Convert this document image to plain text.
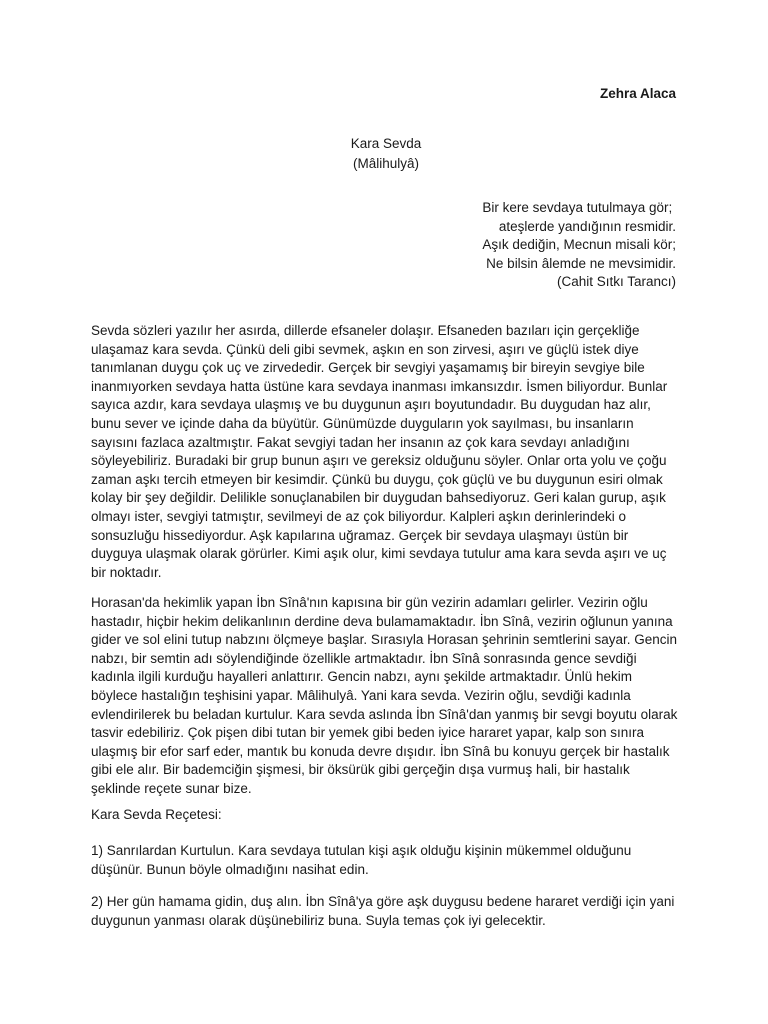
Zehra Alaca
Kara Sevda
(Mâlihulyâ)
Bir kere sevdaya tutulmaya gör;
ateşlerde yandığının resmidir.
Aşık dediğin, Mecnun misali kör;
Ne bilsin âlemde ne mevsimidir.
(Cahit Sıtkı Tarancı)

Sevda sözleri yazılır her asırda, dillerde efsaneler dolaşır. Efsaneden bazıları için gerçekliğe ulaşamaz kara sevda. Çünkü deli gibi sevmek, aşkın en son zirvesi, aşırı ve güçlü istek diye tanımlanan duygu çok uç ve zirvededir. Gerçek bir sevgiyi yaşamamış bir bireyin sevgiye bile inanmıyorken sevdaya hatta üstüne kara sevdaya inanması imkansızdır. İsmen biliyordur. Bunlar sayıca azdır, kara sevdaya ulaşmış ve bu duygunun aşırı boyutundadır. Bu duygudan haz alır, bunu sever ve içinde daha da büyütür. Günümüzde duyguların yok sayılması, bu insanların sayısını fazlaca azaltmıştır. Fakat sevgiyi tadan her insanın az çok kara sevdayı anladığını söyleyebiliriz. Buradaki bir grup bunun aşırı ve gereksiz olduğunu söyler. Onlar orta yolu ve çoğu zaman aşkı tercih etmeyen bir kesimdir. Çünkü bu duygu, çok güçlü ve bu duygunun esiri olmak kolay bir şey değildir. Delilikle sonuçlanabilen bir duygudan bahsediyoruz. Geri kalan gurup, aşık olmayı ister, sevgiyi tatmıştır, sevilmeyi de az çok biliyordur. Kalpleri aşkın derinlerindeki o sonsuzluğu hissediyordur. Aşk kapılarına uğramaz. Gerçek bir sevdaya ulaşmayı üstün bir duyguya ulaşmak olarak görürler. Kimi aşık olur, kimi sevdaya tutulur ama kara sevda aşırı ve uç bir noktadır.

Horasan'da hekimlik yapan İbn Sînâ'nın kapısına bir gün vezirin adamları gelirler. Vezirin oğlu hastadır, hiçbir hekim delikanlının derdine deva bulamamaktadır. İbn Sînâ, vezirin oğlunun yanına gider ve sol elini tutup nabzını ölçmeye başlar. Sırasıyla Horasan şehrinin semtlerini sayar. Gencin nabzı, bir semtin adı söylendiğinde özellikle artmaktadır. İbn Sînâ sonrasında gence sevdiği kadınla ilgili kurduğu hayalleri anlattırır. Gencin nabzı, aynı şekilde artmaktadır. Ünlü hekim böylece hastalığın teşhisini yapar. Mâlihulyâ. Yani kara sevda. Vezirin oğlu, sevdiği kadınla evlendirilerek bu beladan kurtulur. Kara sevda aslında İbn Sînâ'dan yanmış bir sevgi boyutu olarak tasvir edebiliriz. Çok pişen dibi tutan bir yemek gibi beden iyice hararet yapar, kalp son sınıra ulaşmış bir efor sarf eder, mantık bu konuda devre dışıdır. İbn Sînâ bu konuyu gerçek bir hastalık gibi ele alır. Bir bademciğin şişmesi, bir öksürük gibi gerçeğin dışa vurmuş hali, bir hastalık şeklinde reçete sunar bize.

Kara Sevda Reçetesi:

1) Sanrılardan Kurtulun. Kara sevdaya tutulan kişi aşık olduğu kişinin mükemmel olduğunu düşünür. Bunun böyle olmadığını nasihat edin.

2) Her gün hamama gidin, duş alın. İbn Sînâ'ya göre aşk duygusu bedene hararet verdiği için yani duygunun yanması olarak düşünebiliriz buna. Suyla temas çok iyi gelecektir.
